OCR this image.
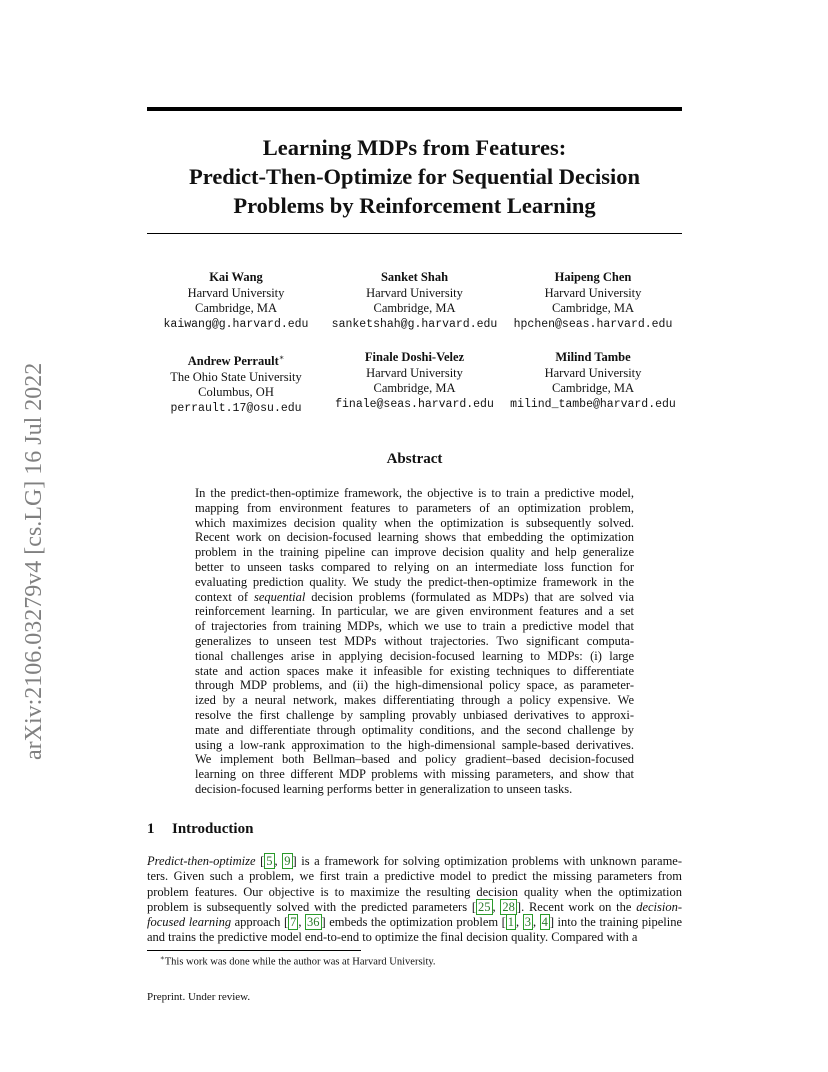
arXiv:2106.03279v4 [cs.LG] 16 Jul 2022
Learning MDPs from Features:
Predict-Then-Optimize for Sequential Decision
Problems by Reinforcement Learning
Kai Wang
Harvard University
Cambridge, MA
kaiwang@g.harvard.edu
Sanket Shah
Harvard University
Cambridge, MA
sanketshah@g.harvard.edu
Haipeng Chen
Harvard University
Cambridge, MA
hpchen@seas.harvard.edu
Andrew Perrault∗
The Ohio State University
Columbus, OH
perrault.17@osu.edu
Finale Doshi-Velez
Harvard University
Cambridge, MA
finale@seas.harvard.edu
Milind Tambe
Harvard University
Cambridge, MA
milind_tambe@harvard.edu
Abstract
In the predict-then-optimize framework, the objective is to train a predictive model,
mapping from environment features to parameters of an optimization problem,
which maximizes decision quality when the optimization is subsequently solved.
Recent work on decision-focused learning shows that embedding the optimization
problem in the training pipeline can improve decision quality and help generalize
better to unseen tasks compared to relying on an intermediate loss function for
evaluating prediction quality. We study the predict-then-optimize framework in the
context of sequential decision problems (formulated as MDPs) that are solved via
reinforcement learning. In particular, we are given environment features and a set
of trajectories from training MDPs, which we use to train a predictive model that
generalizes to unseen test MDPs without trajectories. Two significant computa-
tional challenges arise in applying decision-focused learning to MDPs: (i) large
state and action spaces make it infeasible for existing techniques to differentiate
through MDP problems, and (ii) the high-dimensional policy space, as parameter-
ized by a neural network, makes differentiating through a policy expensive. We
resolve the first challenge by sampling provably unbiased derivatives to approxi-
mate and differentiate through optimality conditions, and the second challenge by
using a low-rank approximation to the high-dimensional sample-based derivatives.
We implement both Bellman–based and policy gradient–based decision-focused
learning on three different MDP problems with missing parameters, and show that
decision-focused learning performs better in generalization to unseen tasks.
1 Introduction
Predict-then-optimize [ 5 , 9 ] is a framework for solving optimization problems with unknown parame-
ters. Given such a problem, we first train a predictive model to predict the missing parameters from
problem features. Our objective is to maximize the resulting decision quality when the optimization
problem is subsequently solved with the predicted parameters [ 25 , 28 ]. Recent work on the decision-
focused learning approach [ 7 , 36 ] embeds the optimization problem [ 1 , 3 , 4 ] into the training pipeline
and trains the predictive model end-to-end to optimize the final decision quality. Compared with a
∗This work was done while the author was at Harvard University.
Preprint. Under review.
